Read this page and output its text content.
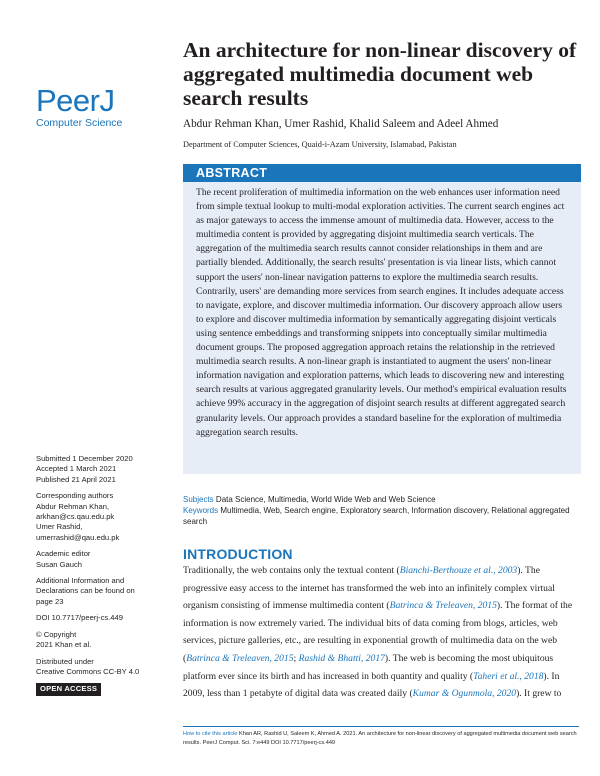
PeerJ
Computer Science
An architecture for non-linear discovery of aggregated multimedia document web search results
Abdur Rehman Khan, Umer Rashid, Khalid Saleem and Adeel Ahmed
Department of Computer Sciences, Quaid-i-Azam University, Islamabad, Pakistan
ABSTRACT
The recent proliferation of multimedia information on the web enhances user information need from simple textual lookup to multi-modal exploration activities. The current search engines act as major gateways to access the immense amount of multimedia data. However, access to the multimedia content is provided by aggregating disjoint multimedia search verticals. The aggregation of the multimedia search results cannot consider relationships in them and are partially blended. Additionally, the search results' presentation is via linear lists, which cannot support the users' non-linear navigation patterns to explore the multimedia search results. Contrarily, users' are demanding more services from search engines. It includes adequate access to navigate, explore, and discover multimedia information. Our discovery approach allow users to explore and discover multimedia information by semantically aggregating disjoint verticals using sentence embeddings and transforming snippets into conceptually similar multimedia document groups. The proposed aggregation approach retains the relationship in the retrieved multimedia search results. A non-linear graph is instantiated to augment the users' non-linear information navigation and exploration patterns, which leads to discovering new and interesting search results at various aggregated granularity levels. Our method's empirical evaluation results achieve 99% accuracy in the aggregation of disjoint search results at different aggregated search granularity levels. Our approach provides a standard baseline for the exploration of multimedia aggregation search results.
Submitted 1 December 2020
Accepted 1 March 2021
Published 21 April 2021
Corresponding authors
Abdur Rehman Khan,
arkhan@cs.qau.edu.pk
Umer Rashid,
umerrashid@qau.edu.pk
Academic editor
Susan Gauch
Additional Information and
Declarations can be found on
page 23
DOI 10.7717/peerj-cs.449
© Copyright
2021 Khan et al.
Distributed under
Creative Commons CC-BY 4.0
OPEN ACCESS
Subjects Data Science, Multimedia, World Wide Web and Web Science
Keywords Multimedia, Web, Search engine, Exploratory search, Information discovery, Relational aggregated search
INTRODUCTION
Traditionally, the web contains only the textual content (Bianchi-Berthouze et al., 2003). The progressive easy access to the internet has transformed the web into an infinitely complex virtual organism consisting of immense multimedia content (Batrinca & Treleaven, 2015). The format of the information is now extremely varied. The individual bits of data coming from blogs, articles, web services, picture galleries, etc., are resulting in exponential growth of multimedia data on the web (Batrinca & Treleaven, 2015; Rashid & Bhatti, 2017). The web is becoming the most ubiquitous platform ever since its birth and has increased in both quantity and quality (Taheri et al., 2018). In 2009, less than 1 petabyte of digital data was created daily (Kumar & Ogunmola, 2020). It grew to
How to cite this article Khan AR, Rashid U, Saleem K, Ahmed A. 2021. An architecture for non-linear discovery of aggregated multimedia document web search results. PeerJ Comput. Sci. 7:e449 DOI 10.7717/peerj-cs.449
